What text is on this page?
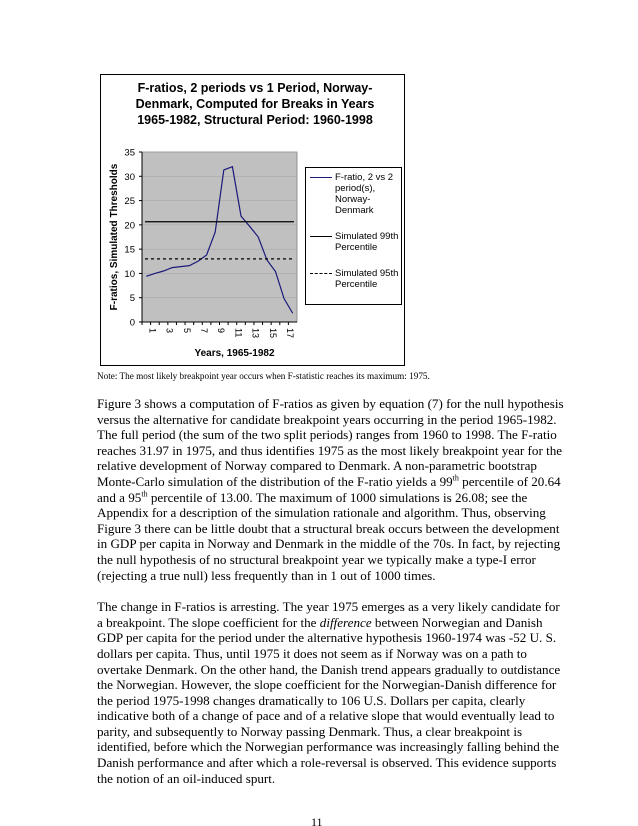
F-ratios, 2 periods vs 1 Period, Norway-Denmark, Computed for Breaks in Years 1965-1982, Structural Period: 1960-1998
0
5
10
15
20
25
30
35
1 3 5 7 9 11 13 15 17
Years, 1965-1982
F-ratios, Simulated Thresholds	F-ratio, 2 vs 2 period(s), Norway-Denmark
Simulated 99th Percentile
Simulated 95th Percentile
Note: The most likely breakpoint year occurs when F-statistic reaches its maximum: 1975.

Figure 3 shows a computation of F-ratios as given by equation (7) for the null hypothesis versus the alternative for candidate breakpoint years occurring in the period 1965-1982. The full period (the sum of the two split periods) ranges from 1960 to 1998. The F-ratio reaches 31.97 in 1975, and thus identifies 1975 as the most likely breakpoint year for the relative development of Norway compared to Denmark. A non-parametric bootstrap Monte-Carlo simulation of the distribution of the F-ratio yields a 99th percentile of 20.64 and a 95th percentile of 13.00. The maximum of 1000 simulations is 26.08; see the Appendix for a description of the simulation rationale and algorithm. Thus, observing Figure 3 there can be little doubt that a structural break occurs between the development in GDP per capita in Norway and Denmark in the middle of the 70s. In fact, by rejecting the null hypothesis of no structural breakpoint year we typically make a type-I error (rejecting a true null) less frequently than in 1 out of 1000 times.

The change in F-ratios is arresting. The year 1975 emerges as a very likely candidate for a breakpoint. The slope coefficient for the difference between Norwegian and Danish GDP per capita for the period under the alternative hypothesis 1960-1974 was -52 U. S. dollars per capita. Thus, until 1975 it does not seem as if Norway was on a path to overtake Denmark. On the other hand, the Danish trend appears gradually to outdistance the Norwegian. However, the slope coefficient for the Norwegian-Danish difference for the period 1975-1998 changes dramatically to 106 U.S. Dollars per capita, clearly indicative both of a change of pace and of a relative slope that would eventually lead to parity, and subsequently to Norway passing Denmark. Thus, a clear breakpoint is identified, before which the Norwegian performance was increasingly falling behind the Danish performance and after which a role-reversal is observed. This evidence supports the notion of an oil-induced spurt.

11
